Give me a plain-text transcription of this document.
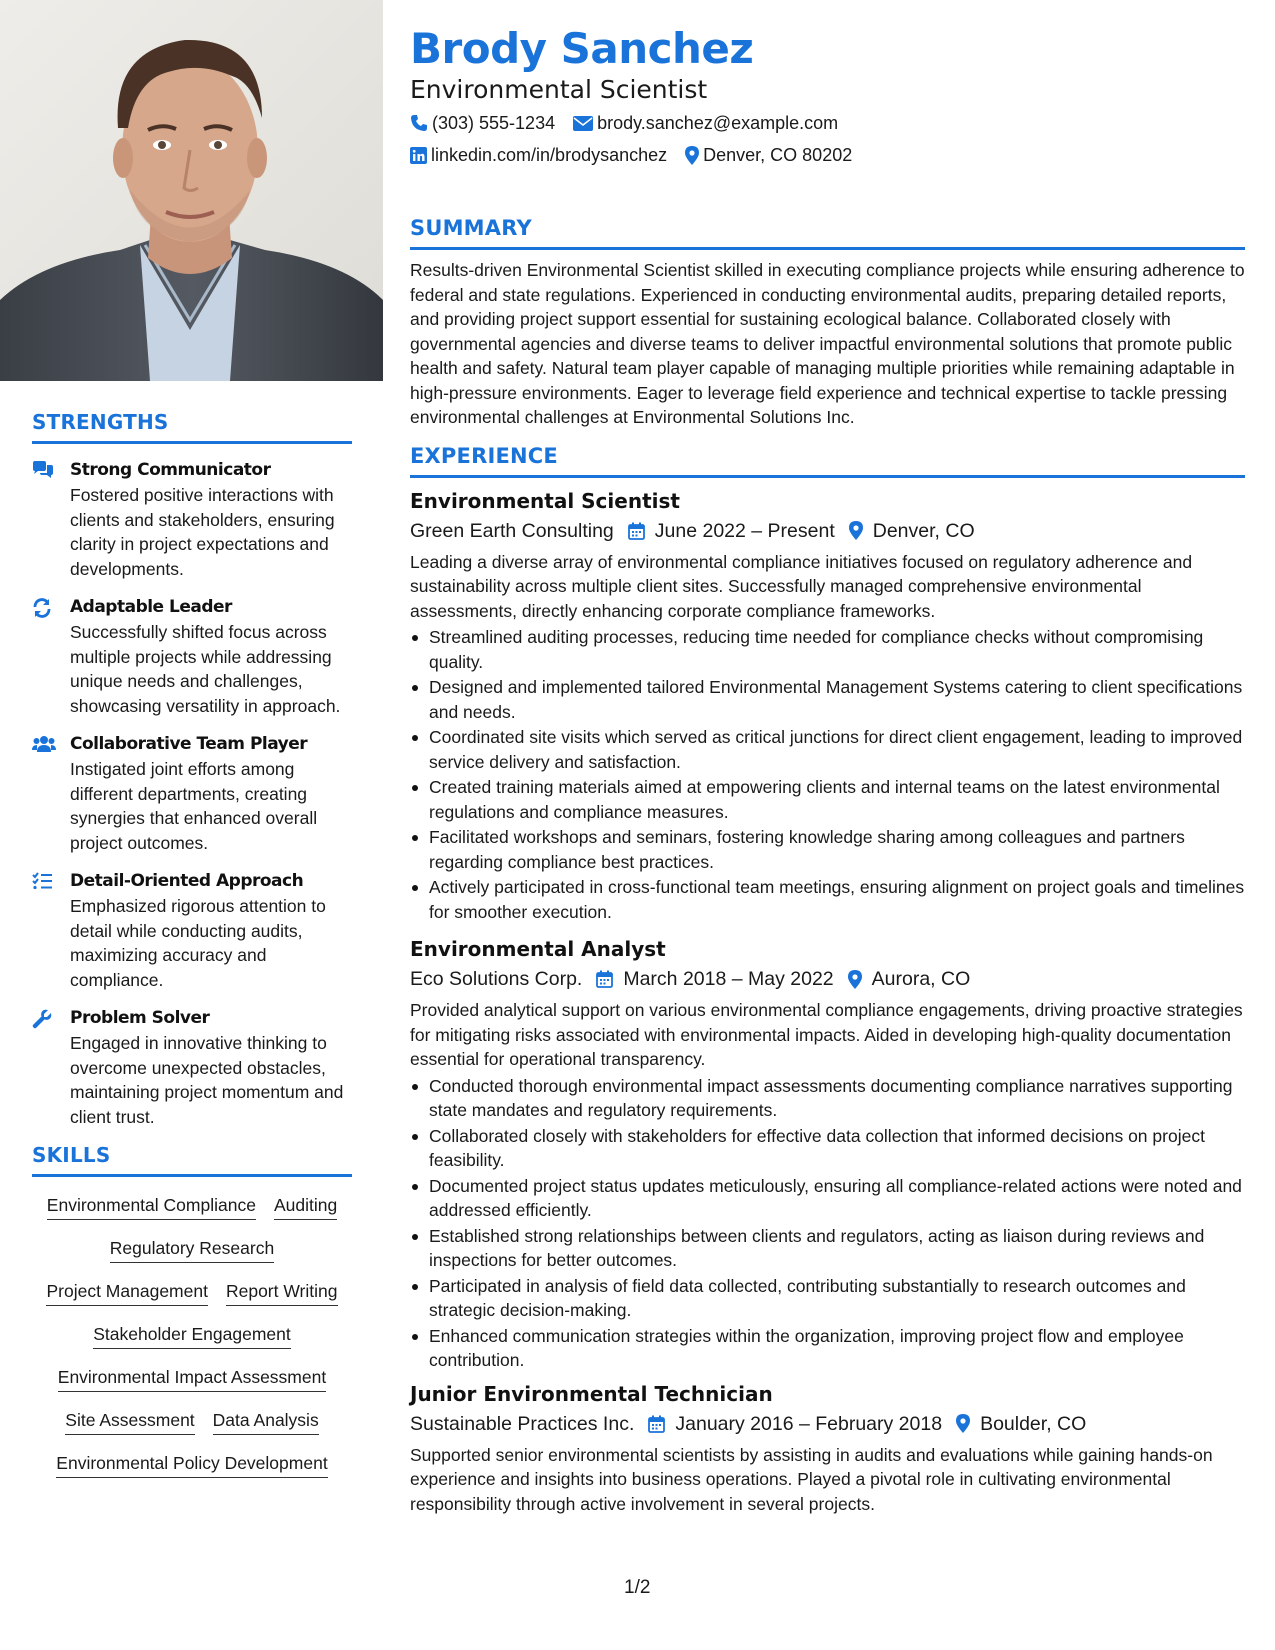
STRENGTHS
Strong Communicator
Fostered positive interactions with clients and stakeholders, ensuring clarity in project expectations and developments.
Adaptable Leader
Successfully shifted focus across multiple projects while addressing unique needs and challenges, showcasing versatility in approach.
Collaborative Team Player
Instigated joint efforts among different departments, creating synergies that enhanced overall project outcomes.
Detail-Oriented Approach
Emphasized rigorous attention to detail while conducting audits, maximizing accuracy and compliance.
Problem Solver
Engaged in innovative thinking to overcome unexpected obstacles, maintaining project momentum and client trust.
SKILLS
Environmental Compliance Auditing
Regulatory Research
Project Management Report Writing
Stakeholder Engagement
Environmental Impact Assessment
Site Assessment Data Analysis
Environmental Policy Development
Brody Sanchez
Environmental Scientist
(303) 555-1234 brody.sanchez@example.com
linkedin.com/in/brodysanchez Denver, CO 80202
SUMMARY
Results-driven Environmental Scientist skilled in executing compliance projects while ensuring adherence to federal and state regulations. Experienced in conducting environmental audits, preparing detailed reports, and providing project support essential for sustaining ecological balance. Collaborated closely with governmental agencies and diverse teams to deliver impactful environmental solutions that promote public health and safety. Natural team player capable of managing multiple priorities while remaining adaptable in high-pressure environments. Eager to leverage field experience and technical expertise to tackle pressing environmental challenges at Environmental Solutions Inc.
EXPERIENCE
Environmental Scientist
Green Earth Consulting June 2022 – Present Denver, CO
Leading a diverse array of environmental compliance initiatives focused on regulatory adherence and sustainability across multiple client sites. Successfully managed comprehensive environmental assessments, directly enhancing corporate compliance frameworks.
Streamlined auditing processes, reducing time needed for compliance checks without compromising quality.
Designed and implemented tailored Environmental Management Systems catering to client specifications and needs.
Coordinated site visits which served as critical junctions for direct client engagement, leading to improved service delivery and satisfaction.
Created training materials aimed at empowering clients and internal teams on the latest environmental regulations and compliance measures.
Facilitated workshops and seminars, fostering knowledge sharing among colleagues and partners regarding compliance best practices.
Actively participated in cross-functional team meetings, ensuring alignment on project goals and timelines for smoother execution.
Environmental Analyst
Eco Solutions Corp. March 2018 – May 2022 Aurora, CO
Provided analytical support on various environmental compliance engagements, driving proactive strategies for mitigating risks associated with environmental impacts. Aided in developing high-quality documentation essential for operational transparency.
Conducted thorough environmental impact assessments documenting compliance narratives supporting state mandates and regulatory requirements.
Collaborated closely with stakeholders for effective data collection that informed decisions on project feasibility.
Documented project status updates meticulously, ensuring all compliance-related actions were noted and addressed efficiently.
Established strong relationships between clients and regulators, acting as liaison during reviews and inspections for better outcomes.
Participated in analysis of field data collected, contributing substantially to research outcomes and strategic decision-making.
Enhanced communication strategies within the organization, improving project flow and employee contribution.
Junior Environmental Technician
Sustainable Practices Inc. January 2016 – February 2018 Boulder, CO
Supported senior environmental scientists by assisting in audits and evaluations while gaining hands-on experience and insights into business operations. Played a pivotal role in cultivating environmental responsibility through active involvement in several projects.
1/2
